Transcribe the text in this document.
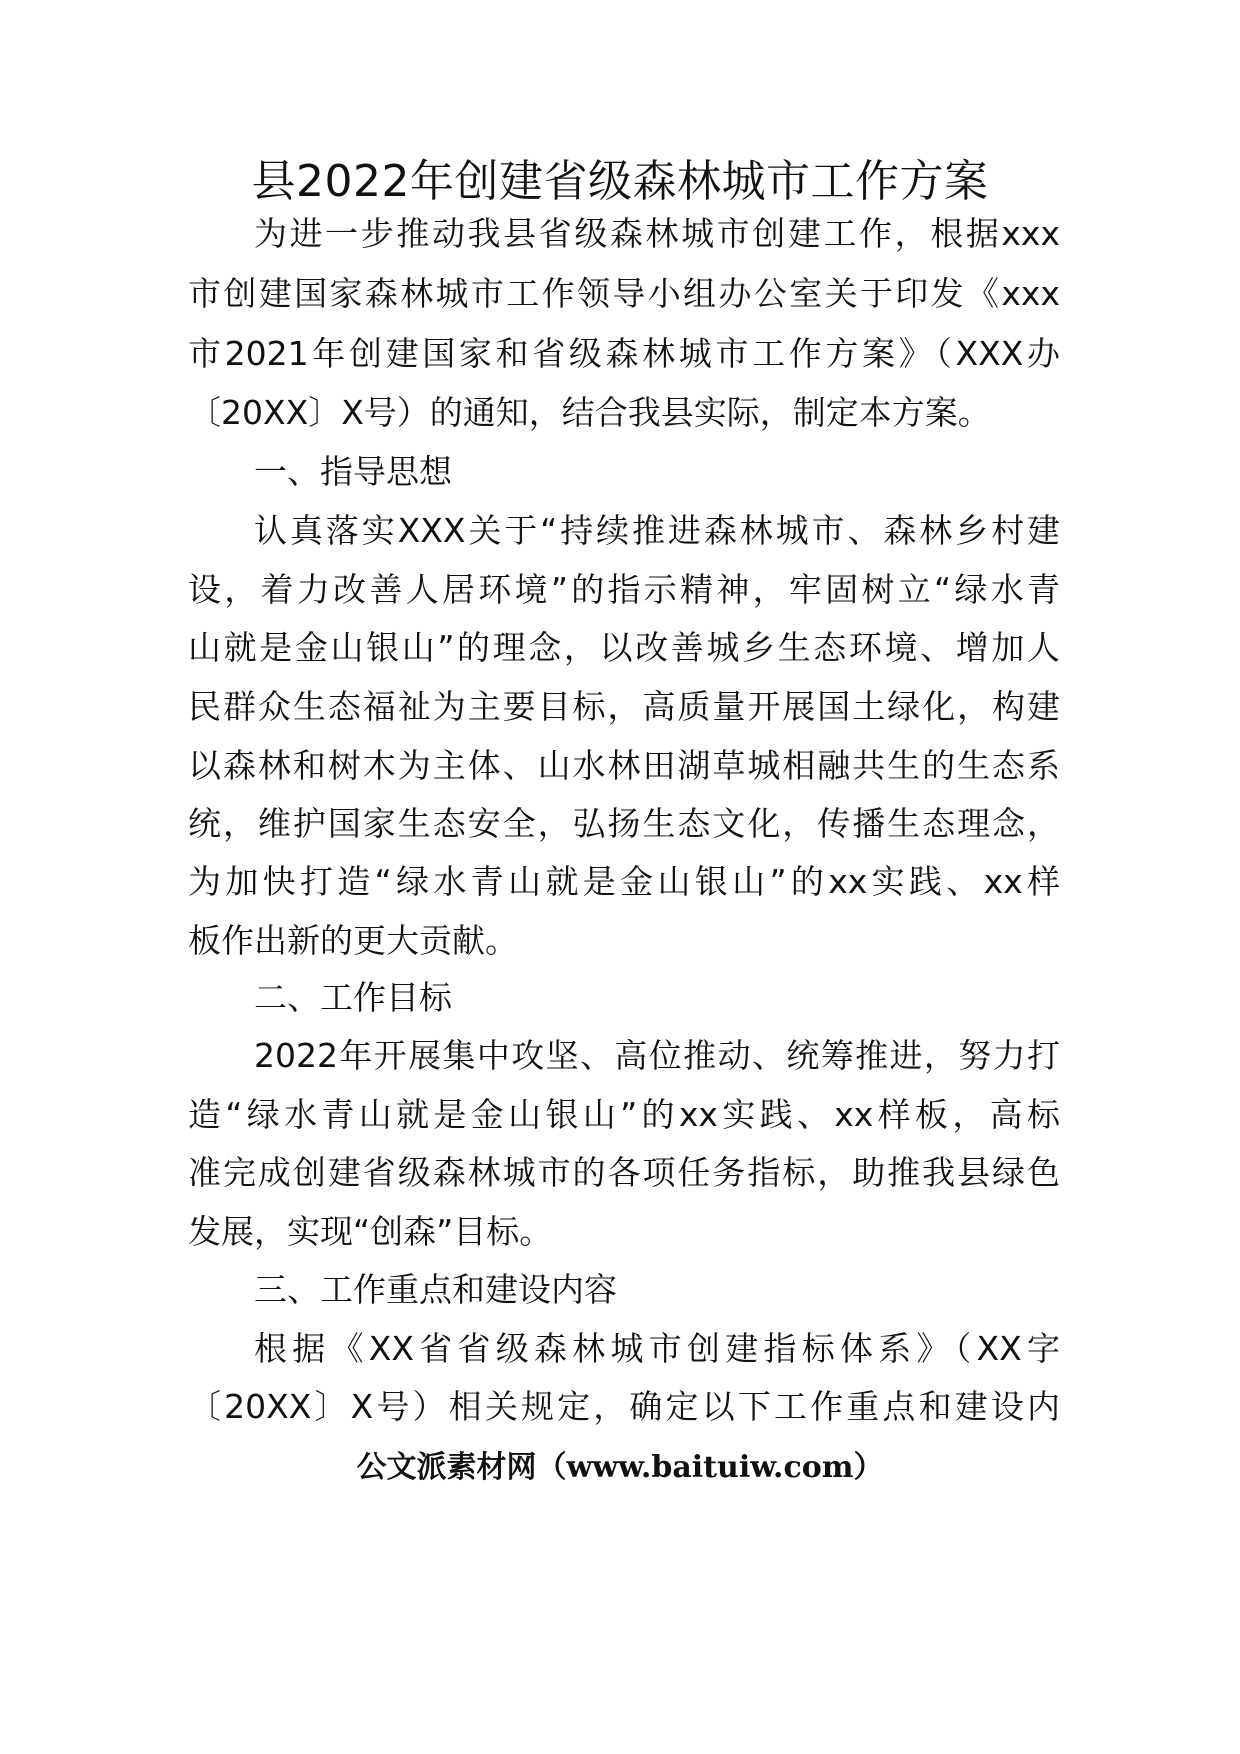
县2022年创建省级森林城市工作方案
为进一步推动我县省级森林城市创建工作，根据xxx
市创建国家森林城市工作领导小组办公室关于印发《xxx
市2021年创建国家和省级森林城市工作方案》（XXX办
〔20XX〕X号）的通知，结合我县实际，制定本方案。
一、指导思想
认真落实XXX关于“持续推进森林城市、森林乡村建
设，着力改善人居环境”的指示精神，牢固树立“绿水青
山就是金山银山”的理念，以改善城乡生态环境、增加人
民群众生态福祉为主要目标，高质量开展国土绿化，构建
以森林和树木为主体、山水林田湖草城相融共生的生态系
统，维护国家生态安全，弘扬生态文化，传播生态理念，
为加快打造“绿水青山就是金山银山”的xx实践、xx样
板作出新的更大贡献。
二、工作目标
2022年开展集中攻坚、高位推动、统筹推进，努力打
造“绿水青山就是金山银山”的xx实践、xx样板，高标
准完成创建省级森林城市的各项任务指标，助推我县绿色
发展，实现“创森”目标。
三、工作重点和建设内容
根据《XX省省级森林城市创建指标体系》（XX字
〔20XX〕X号）相关规定，确定以下工作重点和建设内
公文派素材网（www.baituiw.com）
